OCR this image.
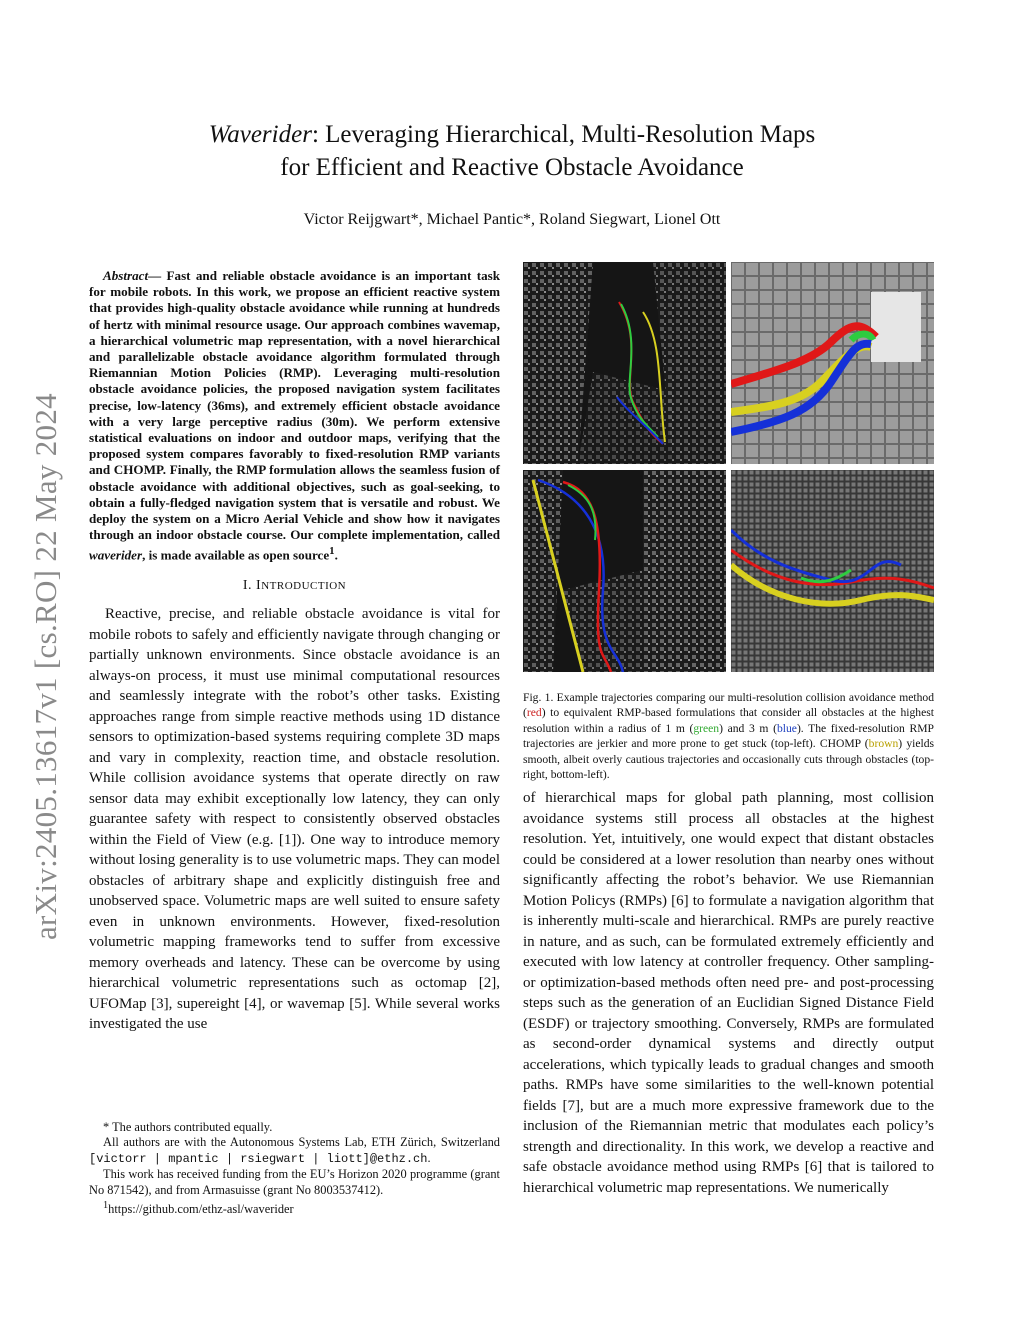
arXiv:2405.13617v1 [cs.RO] 22 May 2024
Waverider: Leveraging Hierarchical, Multi-Resolution Maps
for Efficient and Reactive Obstacle Avoidance
Victor Reijgwart*, Michael Pantic*, Roland Siegwart, Lionel Ott

Abstract— Fast and reliable obstacle avoidance is an important task for mobile robots. In this work, we propose an efficient reactive system that provides high-quality obstacle avoidance while running at hundreds of hertz with minimal resource usage. Our approach combines wavemap, a hierarchical volumetric map representation, with a novel hierarchical and parallelizable obstacle avoidance algorithm formulated through Riemannian Motion Policies (RMP). Leveraging multi-resolution obstacle avoidance policies, the proposed navigation system facilitates precise, low-latency (36ms), and extremely efficient obstacle avoidance with a very large perceptive radius (30m). We perform extensive statistical evaluations on indoor and outdoor maps, verifying that the proposed system compares favorably to fixed-resolution RMP variants and CHOMP. Finally, the RMP formulation allows the seamless fusion of obstacle avoidance with additional objectives, such as goal-seeking, to obtain a fully-fledged navigation system that is versatile and robust. We deploy the system on a Micro Aerial Vehicle and show how it navigates through an indoor obstacle course. Our complete implementation, called waverider, is made available as open source$^1$.

I. INTRODUCTION

Reactive, precise, and reliable obstacle avoidance is vital for mobile robots to safely and efficiently navigate through changing or partially unknown environments. Since obstacle avoidance is an always-on process, it must use minimal computational resources and seamlessly integrate with the robot’s other tasks. Existing approaches range from simple reactive methods using 1D distance sensors to optimization-based systems requiring complete 3D maps and vary in complexity, reaction time, and obstacle resolution. While collision avoidance systems that operate directly on raw sensor data may exhibit exceptionally low latency, they can only guarantee safety with respect to consistently observed obstacles within the Field of View (e.g. [1]). One way to introduce memory without losing generality is to use volumetric maps. They can model obstacles of arbitrary shape and explicitly distinguish free and unobserved space. Volumetric maps are well suited to ensure safety even in unknown environments. However, fixed-resolution volumetric mapping frameworks tend to suffer from excessive memory overheads and latency. These can be overcome by using hierarchical volumetric representations such as octomap [2], UFOMap [3], supereight [4], or wavemap [5]. While several works investigated the use

* The authors contributed equally.

All authors are with the Autonomous Systems Lab, ETH Zürich, Switzerland [victorr | mpantic | rsiegwart | liott]@ethz.ch.

This work has received funding from the EU’s Horizon 2020 programme (grant No 871542), and from Armasuisse (grant No 8003537412).

$^1$https://github.com/ethz-asl/waverider

Fig. 1. Example trajectories comparing our multi-resolution collision avoidance method (red) to equivalent RMP-based formulations that consider all obstacles at the highest resolution within a radius of 1 m (green) and 3 m (blue). The fixed-resolution RMP trajectories are jerkier and more prone to get stuck (top-left). CHOMP (brown) yields smooth, albeit overly cautious trajectories and occasionally cuts through obstacles (top-right, bottom-left).

of hierarchical maps for global path planning, most collision avoidance systems still process all obstacles at the highest resolution. Yet, intuitively, one would expect that distant obstacles could be considered at a lower resolution than nearby ones without significantly affecting the robot’s behavior. We use Riemannian Motion Policys (RMPs) [6] to formulate a navigation algorithm that is inherently multi-scale and hierarchical. RMPs are purely reactive in nature, and as such, can be formulated extremely efficiently and executed with low latency at controller frequency. Other sampling- or optimization-based methods often need pre- and post-processing steps such as the generation of an Euclidian Signed Distance Field (ESDF) or trajectory smoothing. Conversely, RMPs are formulated as second-order dynamical systems and directly output accelerations, which typically leads to gradual changes and smooth paths. RMPs have some similarities to the well-known potential fields [7], but are a much more expressive framework due to the inclusion of the Riemannian metric that modulates each policy’s strength and directionality. In this work, we develop a reactive and safe obstacle avoidance method using RMPs [6] that is tailored to hierarchical volumetric map representations. We numerically
